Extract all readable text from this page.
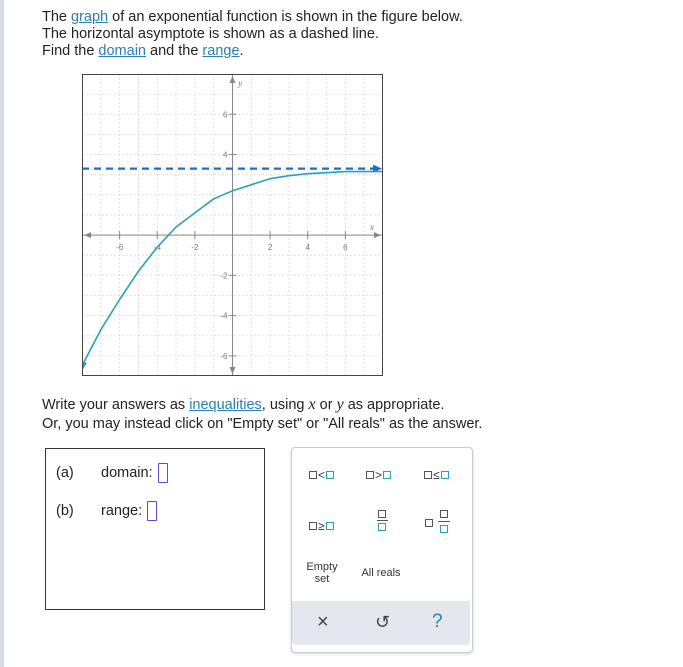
The graph of an exponential function is shown in the figure below.
The horizontal asymptote is shown as a dashed line.
Find the domain and the range.
-6	-4	-2	2	4	6
6
4
-2
-4
-6
x
y
Write your answers as inequalities, using x or y as appropriate.
Or, you may instead click on "Empty set" or "All reals" as the answer.
(a)	domain:
(b)	range:
<	>	≤
≥
Empty
set	All reals
×	↺ ?
